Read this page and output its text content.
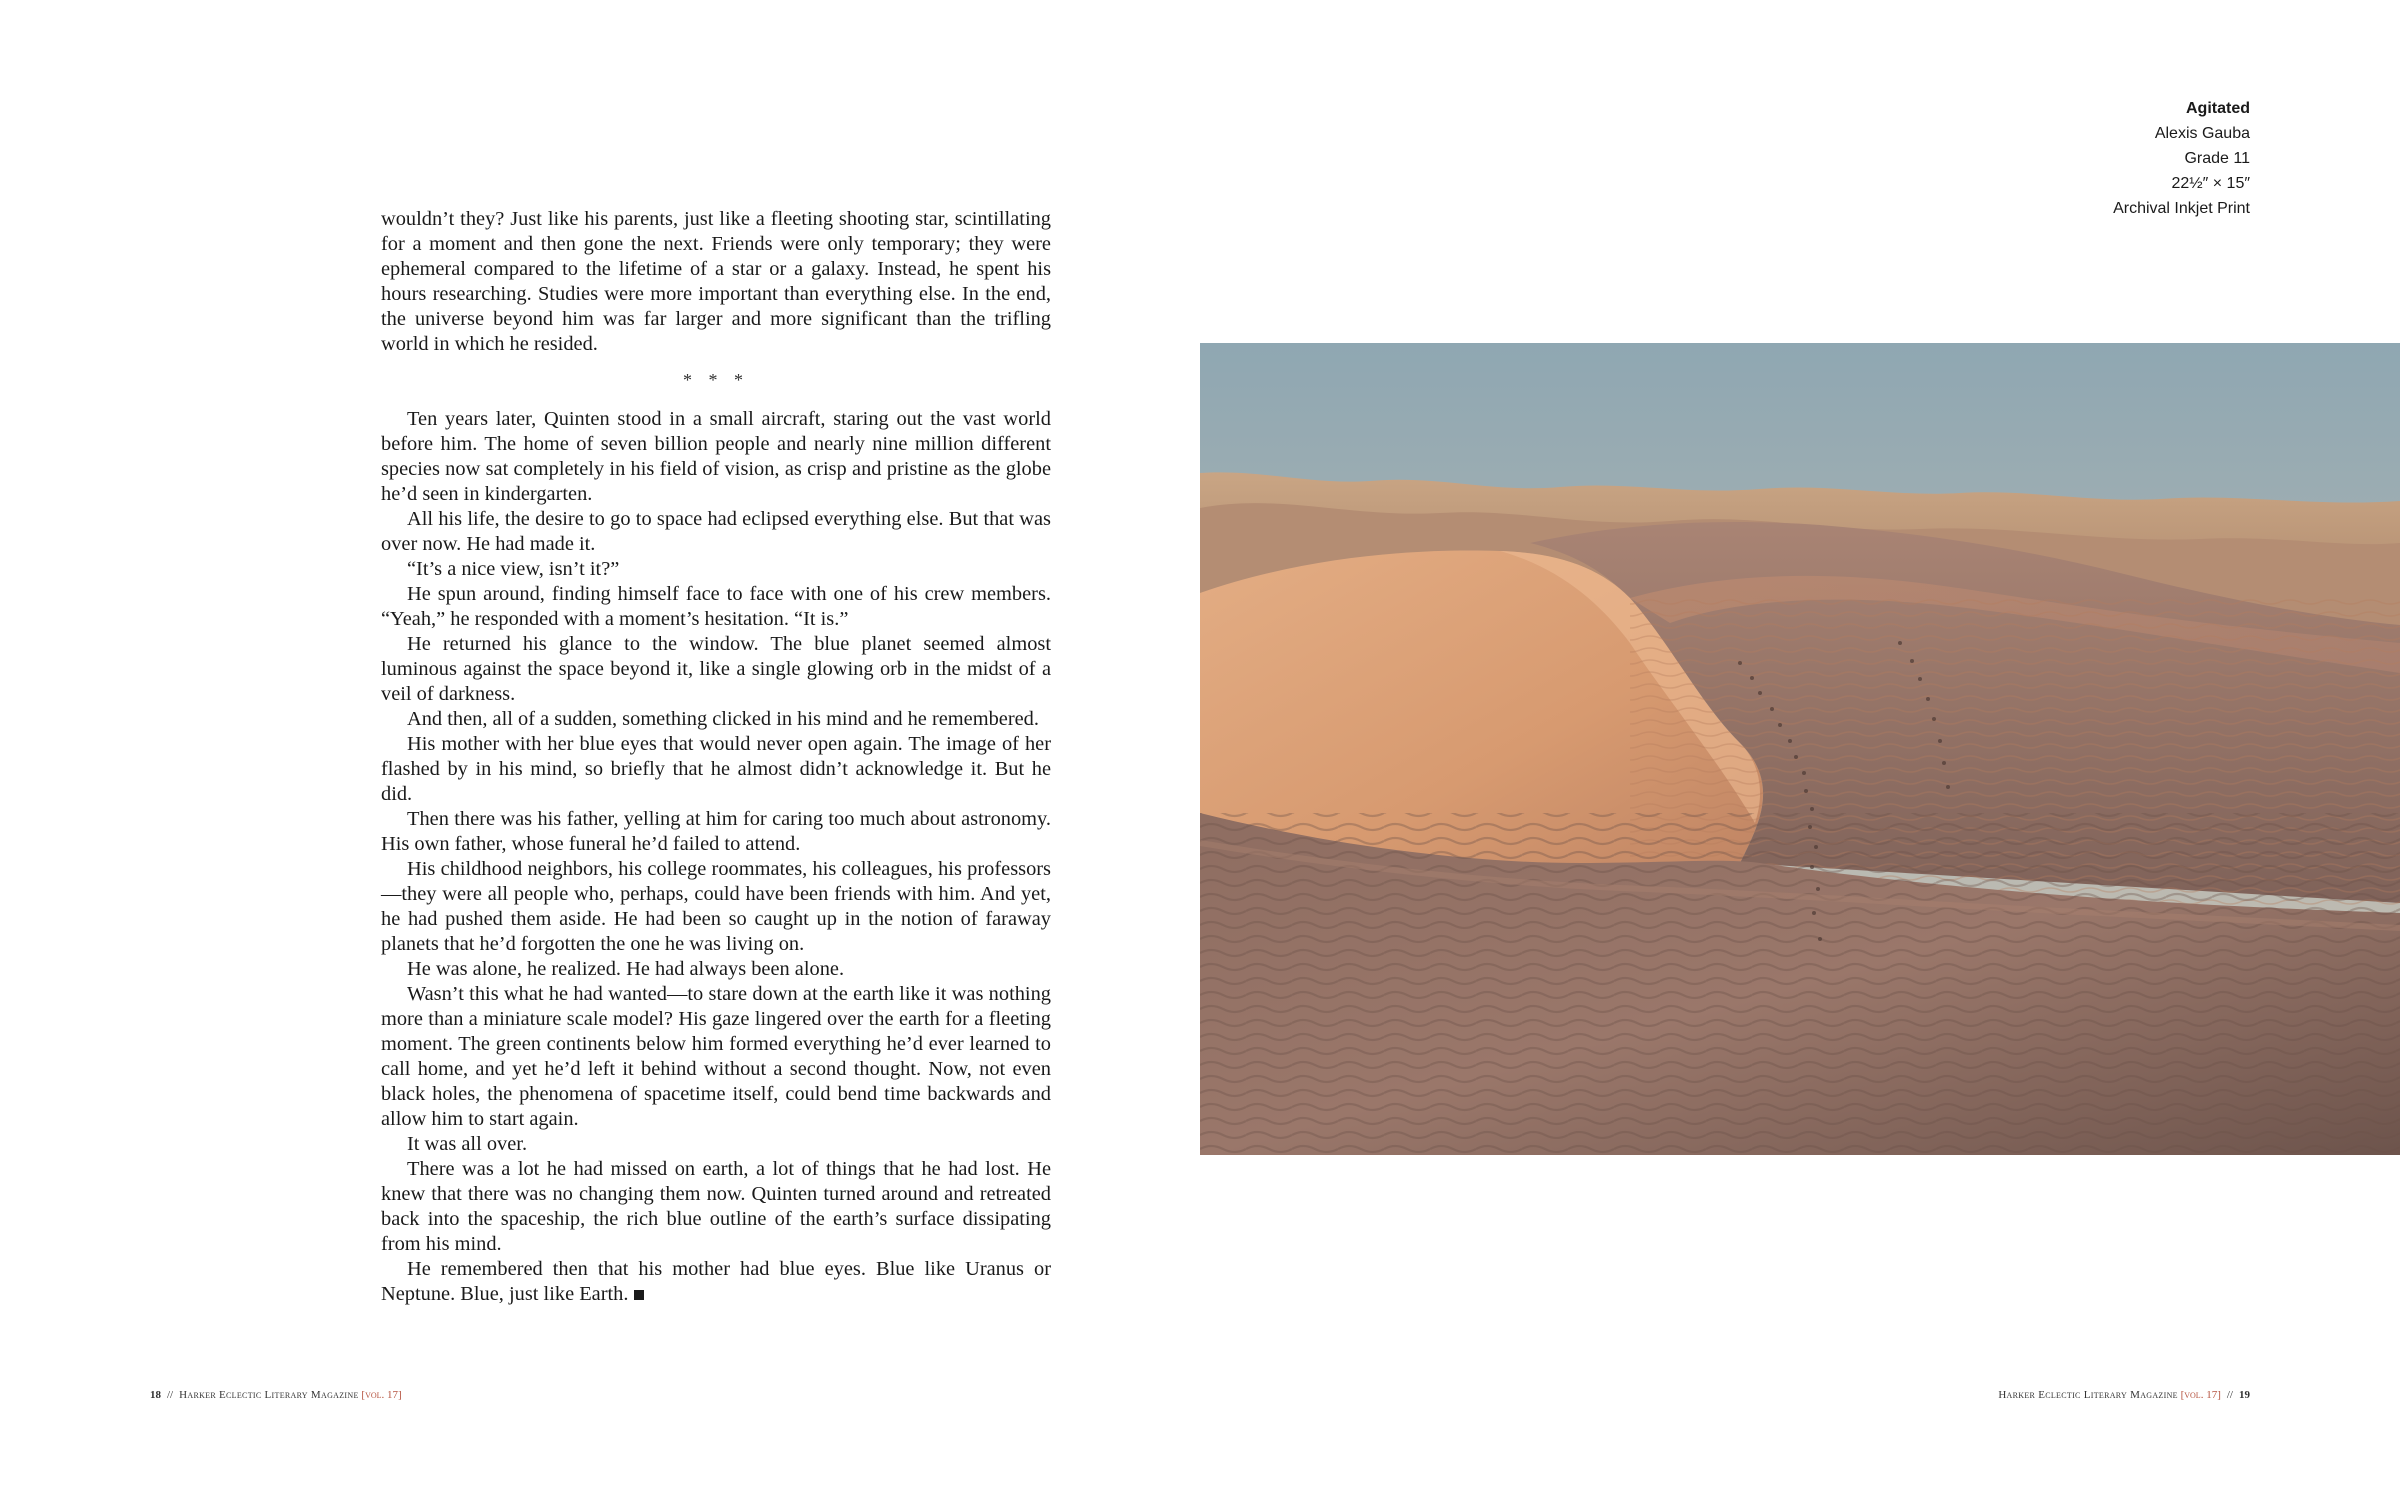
wouldn’t they? Just like his parents, just like a fleeting shooting star, scintillating for a moment and then gone the next. Friends were only temporary; they were ephemeral compared to the lifetime of a star or a galaxy. Instead, he spent his hours researching. Studies were more important than everything else. In the end, the universe beyond him was far larger and more significant than the trifling world in which he resided.

* * *

Ten years later, Quinten stood in a small aircraft, staring out the vast world before him. The home of seven billion people and nearly nine million different species now sat completely in his field of vision, as crisp and pristine as the globe he’d seen in kindergarten.

All his life, the desire to go to space had eclipsed everything else. But that was over now. He had made it.

“It’s a nice view, isn’t it?”

He spun around, finding himself face to face with one of his crew members. “Yeah,” he responded with a moment’s hesitation. “It is.”

He returned his glance to the window. The blue planet seemed almost luminous against the space beyond it, like a single glowing orb in the midst of a veil of darkness.

And then, all of a sudden, something clicked in his mind and he remembered.

His mother with her blue eyes that would never open again. The image of her flashed by in his mind, so briefly that he almost didn’t acknowledge it. But he did.

Then there was his father, yelling at him for caring too much about astronomy. His own father, whose funeral he’d failed to attend.

His childhood neighbors, his college roommates, his colleagues, his professors—they were all people who, perhaps, could have been friends with him. And yet, he had pushed them aside. He had been so caught up in the notion of faraway planets that he’d forgotten the one he was living on.

He was alone, he realized. He had always been alone.

Wasn’t this what he had wanted—to stare down at the earth like it was nothing more than a miniature scale model? His gaze lingered over the earth for a fleeting moment. The green continents below him formed everything he’d ever learned to call home, and yet he’d left it behind without a second thought. Now, not even black holes, the phenomena of spacetime itself, could bend time backwards and allow him to start again.

It was all over.

There was a lot he had missed on earth, a lot of things that he had lost. He knew that there was no changing them now. Quinten turned around and retreated back into the spaceship, the rich blue outline of the earth’s surface dissipating from his mind.

He remembered then that his mother had blue eyes. Blue like Uranus or Neptune. Blue, just like Earth.

18 // Harker Eclectic Literary Magazine [vol. 17]
Agitated
Alexis Gauba
Grade 11
22½″ × 15″
Archival Inkjet Print
Harker Eclectic Literary Magazine [vol. 17] // 19
